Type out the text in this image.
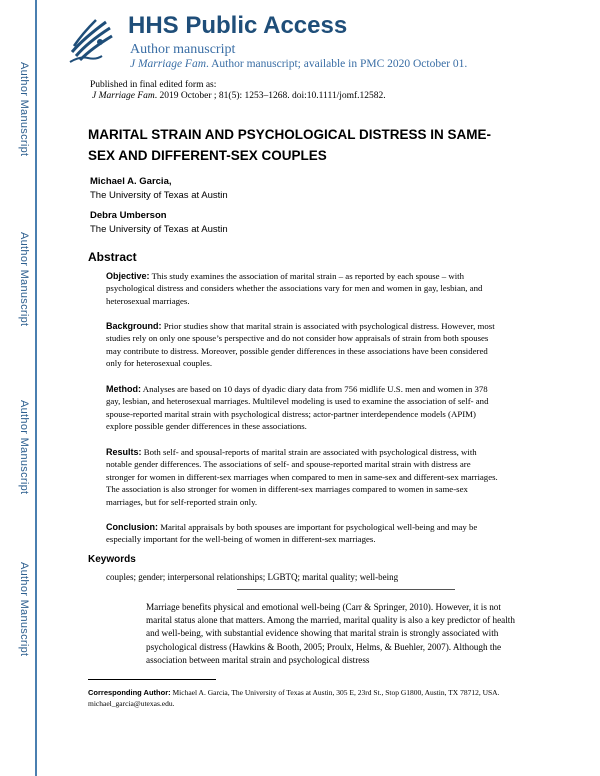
Author Manuscript
Author Manuscript
Author Manuscript
Author Manuscript
HHS Public Access
Author manuscript
J Marriage Fam. Author manuscript; available in PMC 2020 October 01.
Published in final edited form as:
J Marriage Fam. 2019 October ; 81(5): 1253–1268. doi:10.1111/jomf.12582.
MARITAL STRAIN AND PSYCHOLOGICAL DISTRESS IN SAME-SEX AND DIFFERENT-SEX COUPLES
Michael A. Garcia,
The University of Texas at Austin
Debra Umberson
The University of Texas at Austin
Abstract
Objective: This study examines the association of marital strain – as reported by each spouse – with psychological distress and considers whether the associations vary for men and women in gay, lesbian, and heterosexual marriages.
Background: Prior studies show that marital strain is associated with psychological distress. However, most studies rely on only one spouse’s perspective and do not consider how appraisals of strain from both spouses may contribute to distress. Moreover, possible gender differences in these associations have been considered only for heterosexual couples.
Method: Analyses are based on 10 days of dyadic diary data from 756 midlife U.S. men and women in 378 gay, lesbian, and heterosexual marriages. Multilevel modeling is used to examine the association of self- and spouse-reported marital strain with psychological distress; actor-partner interdependence models (APIM) explore possible gender differences in these associations.
Results: Both self- and spousal-reports of marital strain are associated with psychological distress, with notable gender differences. The associations of self- and spouse-reported marital strain with distress are stronger for women in different-sex marriages when compared to men in same-sex and different-sex marriages. The association is also stronger for women in different-sex marriages compared to women in same-sex marriages, but for self-reported strain only.
Conclusion: Marital appraisals by both spouses are important for psychological well-being and may be especially important for the well-being of women in different-sex marriages.
Keywords
couples; gender; interpersonal relationships; LGBTQ; marital quality; well-being
Marriage benefits physical and emotional well-being (Carr & Springer, 2010). However, it is not marital status alone that matters. Among the married, marital quality is also a key predictor of health and well-being, with substantial evidence showing that marital strain is strongly associated with psychological distress (Hawkins & Booth, 2005; Proulx, Helms, & Buehler, 2007). Although the association between marital strain and psychological distress
Corresponding Author: Michael A. Garcia, The University of Texas at Austin, 305 E, 23rd St., Stop G1800, Austin, TX 78712, USA. michael_garcia@utexas.edu.
